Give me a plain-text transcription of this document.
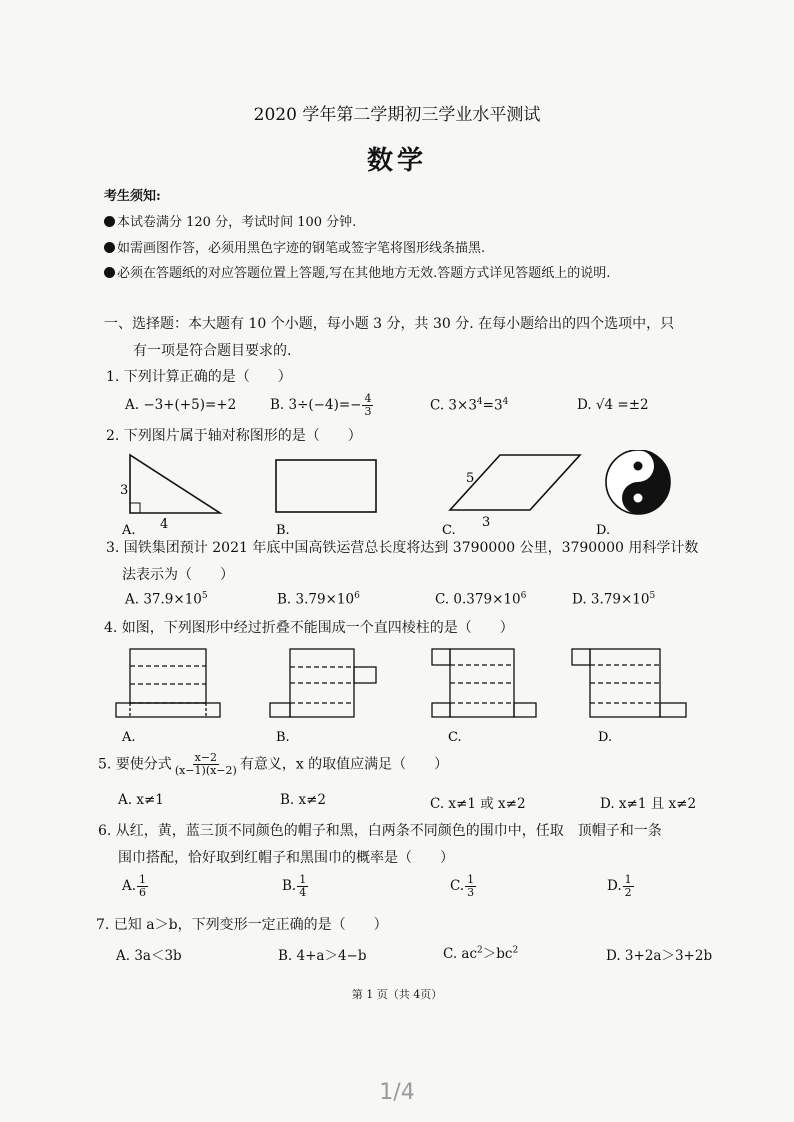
2020 学年第二学期初三学业水平测试
数学
考生须知:
本试卷满分 120 分，考试时间 100 分钟.
如需画图作答，必须用黑色字迹的钢笔或签字笔将图形线条描黑.
必须在答题纸的对应答题位置上答题,写在其他地方无效.答题方式详见答题纸上的说明.
一、选择题：本大题有 10 个小题，每小题 3 分，共 30 分. 在每小题给出的四个选项中，只
有一项是符合题目要求的.
1. 下列计算正确的是（　　）
A. −3+(+5)=+2	B. $3\div(-4)=- \frac{4}{3}$	C. $3\times 3^4=3^4$	D. √4 =±2
2. 下列图片属于轴对称图形的是（　　）
3
4
5
3
A.	B.	C.	D.
3. 国铁集团预计 2021 年底中国高铁运营总长度将达到 3790000 公里，3790000 用科学计数
法表示为（　　）
A. $37.9\times 10^5$	B. $3.79\times 10^6$	C. $0.379\times 10^6$	D. $3.79\times 10^5$
4. 如图，下列图形中经过折叠不能围成一个直四棱柱的是（　　）
A.	B.	C.	D.
5. 要使分式 $\frac{x-2}{(x-1)(x-2)}$ 有意义，x 的取值应满足（　　）
A. x≠1	B. x≠2	C. x≠1 或 x≠2	D. x≠1 且 x≠2
6. 从红，黄，蓝三顶不同颜色的帽子和黑，白两条不同颜色的围巾中，任取　顶帽子和一条
围巾搭配，恰好取到红帽子和黑围巾的概率是（　　）
A. $\frac{1}{6}$	B. $\frac{1}{4}$	C. $\frac{1}{3}$	D. $\frac{1}{2}$
7. 已知 a＞b，下列变形一定正确的是（　　）
A. 3a＜3b	B. 4+a＞4−b	C. $ac^2>bc^2$	D. 3+2a＞3+2b
第 1 页（共 4页）
1/4
